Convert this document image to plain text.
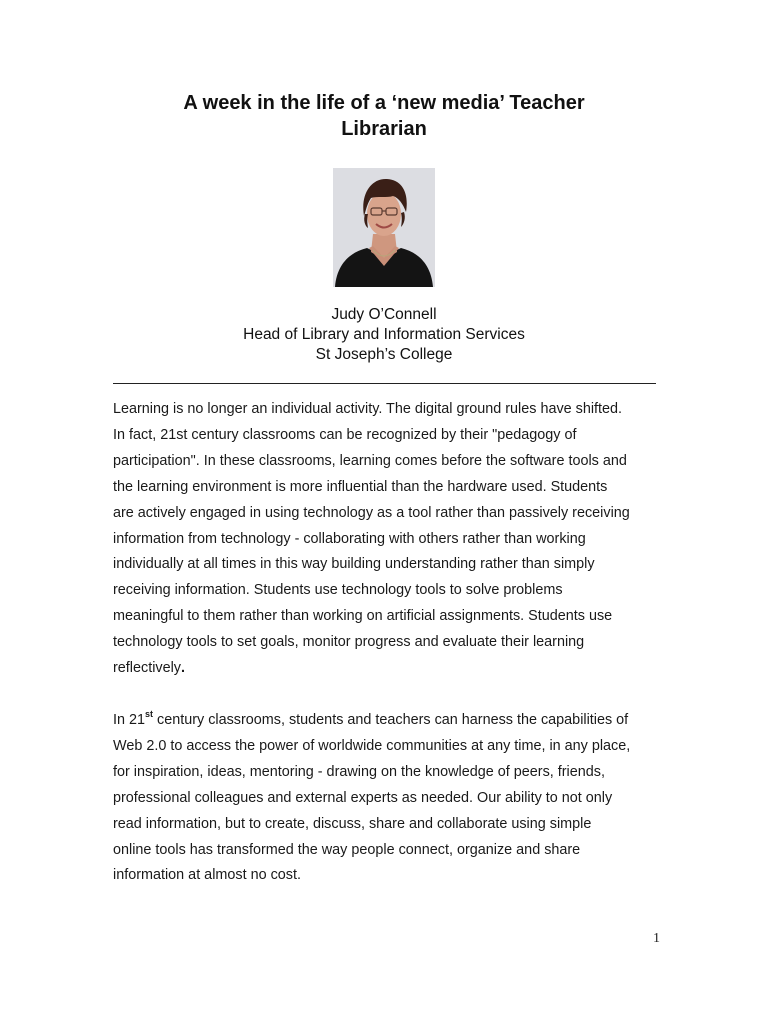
A week in the life of a ‘new media’ Teacher
Librarian
Judy O’Connell
Head of Library and Information Services
St Joseph’s College

Learning is no longer an individual activity. The digital ground rules have shifted.
In fact, 21st century classrooms can be recognized by their "pedagogy of
participation". In these classrooms, learning comes before the software tools and
the learning environment is more influential than the hardware used. Students
are actively engaged in using technology as a tool rather than passively receiving
information from technology - collaborating with others rather than working
individually at all times in this way building understanding rather than simply
receiving information. Students use technology tools to solve problems
meaningful to them rather than working on artificial assignments. Students use
technology tools to set goals, monitor progress and evaluate their learning
reflectively.

In 21st century classrooms, students and teachers can harness the capabilities of
Web 2.0 to access the power of worldwide communities at any time, in any place,
for inspiration, ideas, mentoring - drawing on the knowledge of peers, friends,
professional colleagues and external experts as needed. Our ability to not only
read information, but to create, discuss, share and collaborate using simple
online tools has transformed the way people connect, organize and share
information at almost no cost.

1
